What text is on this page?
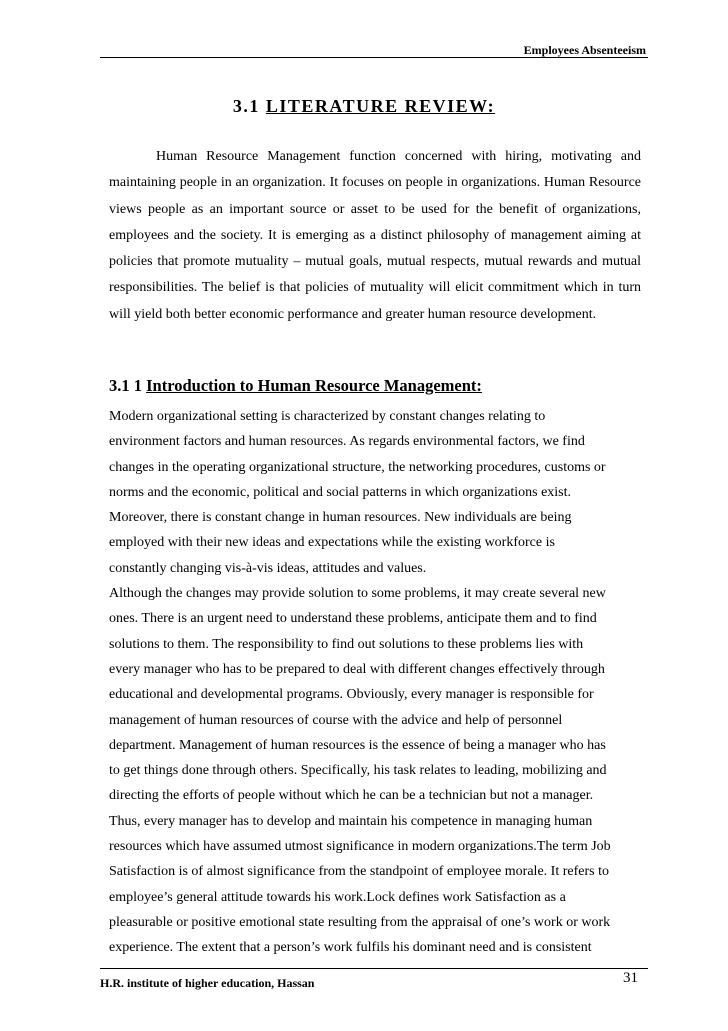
Employees Absenteeism
3.1 LITERATURE REVIEW:
Human Resource Management function concerned with hiring, motivating and maintaining people in an organization. It focuses on people in organizations. Human Resource views people as an important source or asset to be used for the benefit of organizations, employees and the society. It is emerging as a distinct philosophy of management aiming at policies that promote mutuality – mutual goals, mutual respects, mutual rewards and mutual responsibilities. The belief is that policies of mutuality will elicit commitment which in turn will yield both better economic performance and greater human resource development.
3.1 1 Introduction to Human Resource Management:
Modern organizational setting is characterized by constant changes relating to
environment factors and human resources. As regards environmental factors, we find
changes in the operating organizational structure, the networking procedures, customs or
norms and the economic, political and social patterns in which organizations exist.
Moreover, there is constant change in human resources. New individuals are being
employed with their new ideas and expectations while the existing workforce is
constantly changing vis-à-vis ideas, attitudes and values.
Although the changes may provide solution to some problems, it may create several new
ones. There is an urgent need to understand these problems, anticipate them and to find
solutions to them. The responsibility to find out solutions to these problems lies with
every manager who has to be prepared to deal with different changes effectively through
educational and developmental programs. Obviously, every manager is responsible for
management of human resources of course with the advice and help of personnel
department. Management of human resources is the essence of being a manager who has
to get things done through others. Specifically, his task relates to leading, mobilizing and
directing the efforts of people without which he can be a technician but not a manager.
Thus, every manager has to develop and maintain his competence in managing human
resources which have assumed utmost significance in modern organizations.The term Job
Satisfaction is of almost significance from the standpoint of employee morale. It refers to
employee’s general attitude towards his work.Lock defines work Satisfaction as a
pleasurable or positive emotional state resulting from the appraisal of one’s work or work
experience. The extent that a person’s work fulfils his dominant need and is consistent
H.R. institute of higher education, Hassan	31
